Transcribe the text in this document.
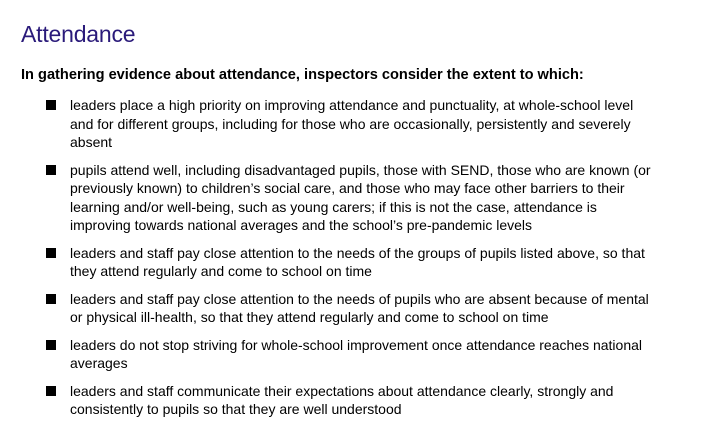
Attendance

In gathering evidence about attendance, inspectors consider the extent to which:

leaders place a high priority on improving attendance and punctuality, at whole-school level
and for different groups, including for those who are occasionally, persistently and severely
absent
pupils attend well, including disadvantaged pupils, those with SEND, those who are known (or
previously known) to children’s social care, and those who may face other barriers to their
learning and/or well-being, such as young carers; if this is not the case, attendance is
improving towards national averages and the school’s pre-pandemic levels
leaders and staff pay close attention to the needs of the groups of pupils listed above, so that
they attend regularly and come to school on time
leaders and staff pay close attention to the needs of pupils who are absent because of mental
or physical ill-health, so that they attend regularly and come to school on time
leaders do not stop striving for whole-school improvement once attendance reaches national
averages
leaders and staff communicate their expectations about attendance clearly, strongly and
consistently to pupils so that they are well understood
